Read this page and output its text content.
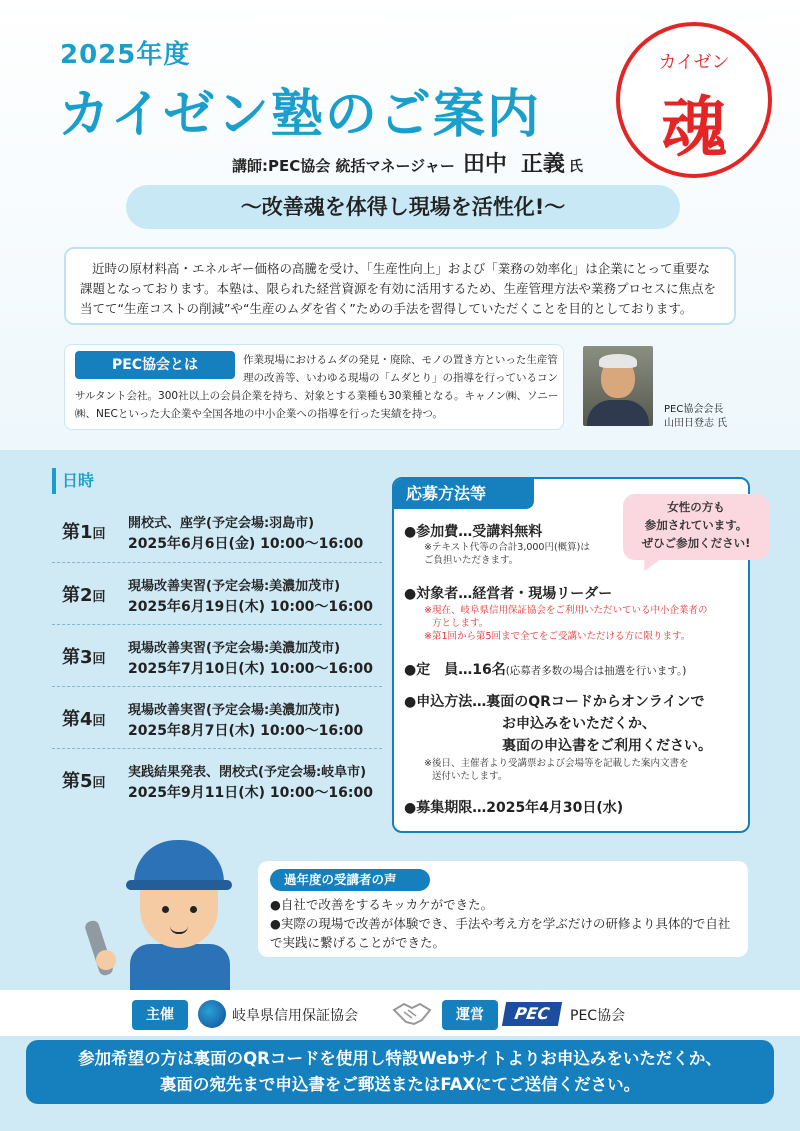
2025年度
カイゼン塾のご案内
カイゼン
魂
講師:PEC協会 統括マネージャー 田中 正義 氏
〜改善魂を体得し現場を活性化!〜
近時の原材料高・エネルギー価格の高騰を受け、「生産性向上」および「業務の効率化」は企業にとって重要な課題となっております。本塾は、限られた経営資源を有効に活用するため、生産管理方法や業務プロセスに焦点を当てて“生産コストの削減”や“生産のムダを省く”ための手法を習得していただくことを目的としております。
PEC協会とは	作業現場におけるムダの発見・廃除、モノの置き方といった生産管理の改善等、いわゆる現場の「ムダとり」の指導を行っているコン
サルタント会社。300社以上の会員企業を持ち、対象とする業種も30業種となる。キャノン㈱、ソニー㈱、NECといった大企業や全国各地の中小企業への指導を行った実績を持つ。	PEC協会会長
山田日登志 氏
日時
第1回
開校式、座学(予定会場:羽島市)
2025年6月6日(金) 10:00〜16:00
第2回
現場改善実習(予定会場:美濃加茂市)
2025年6月19日(木) 10:00〜16:00
第3回
現場改善実習(予定会場:美濃加茂市)
2025年7月10日(木) 10:00〜16:00
第4回
現場改善実習(予定会場:美濃加茂市)
2025年8月7日(木) 10:00〜16:00
第5回
実践結果発表、閉校式(予定会場:岐阜市)
2025年9月11日(木) 10:00〜16:00
応募方法等
●参加費…受講料無料
※テキスト代等の合計3,000円(概算)は
ご負担いただきます。
●対象者…経営者・現場リーダー
※現在、岐阜県信用保証協会をご利用いただいている中小企業者の
方とします。
※第1回から第5回まで全てをご受講いただける方に限ります。
●定　員…16名(応募者多数の場合は抽選を行います。)
●申込方法…裏面のQRコードからオンラインで
お申込みをいただくか、
裏面の申込書をご利用ください。
※後日、主催者より受講票および会場等を記載した案内文書を
送付いたします。
●募集期限…2025年4月30日(水)
女性の方も
参加されています。
ぜひご参加ください!
過年度の受講者の声
●自社で改善をするキッカケができた。
●実際の現場で改善が体験でき、手法や考え方を学ぶだけの研修より具体的で自社で実践に繋げることができた。
主催	岐阜県信用保証協会	運営	PEC	PEC協会
参加希望の方は裏面のQRコードを使用し特設Webサイトよりお申込みをいただくか、
裏面の宛先まで申込書をご郵送またはFAXにてご送信ください。
